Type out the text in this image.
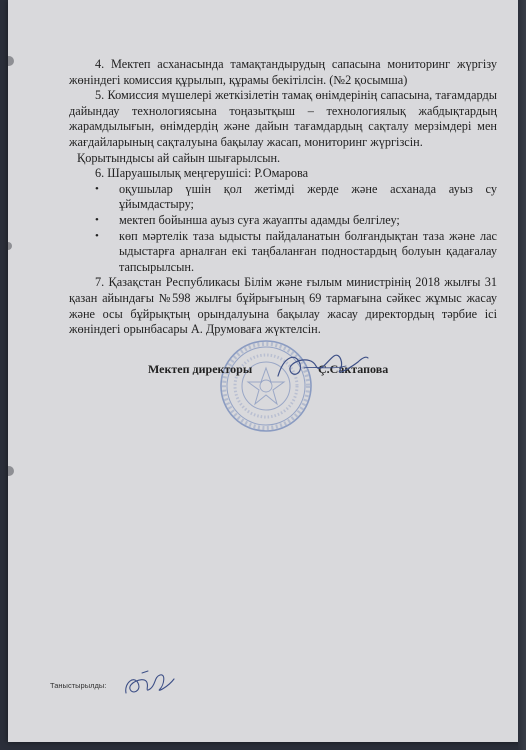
4. Мектеп асханасында тамақтандырудың сапасына мониторинг жүргізу жөніндегі комиссия құрылып, құрамы бекітілсін. (№2 қосымша)

5. Комиссия мүшелері жеткізілетін тамақ өнімдерінің сапасына, тағамдарды дайындау технологиясына тоңазытқыш – технологиялық жабдықтардың жарамдылығын, өнімдердің және дайын тағамдардың сақталу мерзімдері мен жағдайларының сақталуына бақылау жасап, мониторинг жүргізсін.

Қорытындысы ай сайын шығарылсын.

6. Шаруашылық меңгерушісі: Р.Омарова

• оқушылар үшін қол жетімді жерде және асханада ауыз су ұйымдастыру;
• мектеп бойынша ауыз суға жауапты адамды белгілеу;
• көп мәртелік таза ыдысты пайдаланатын болғандықтан таза және лас ыдыстарға арналған екі таңбаланған подностардың болуын қадағалау тапсырылсын.

7. Қазақстан Республикасы Білім және ғылым министрінің 2018 жылғы 31 қазан айындағы №598 жылғы бұйрығының 69 тармағына сәйкес жұмыс жасау және осы бұйрықтың орындалуына бақылау жасау директордың тәрбие ісі жөніндегі орынбасары А. Друмоваға жүктелсін.

Мектеп директоры	Ç.Сактапова
Таныстырылды:
